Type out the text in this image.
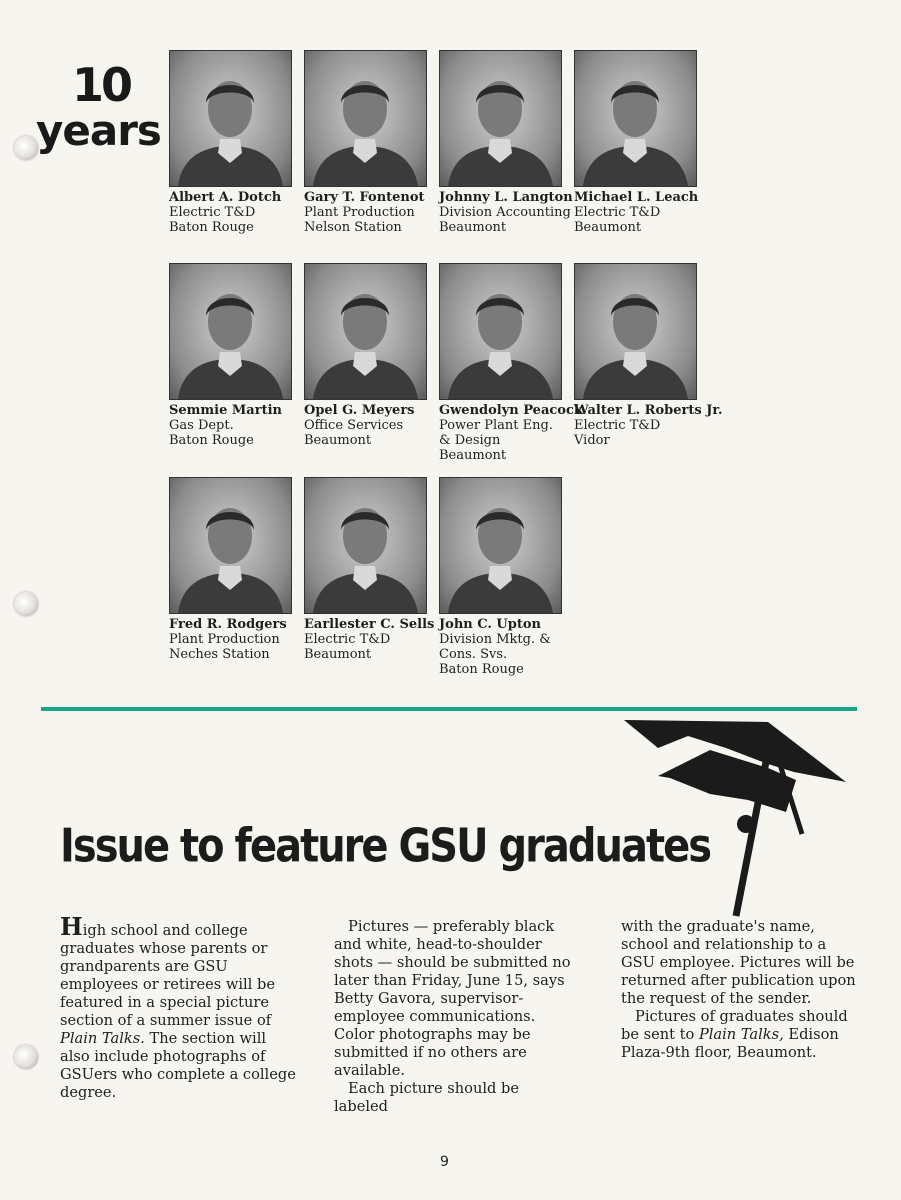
10
years
Albert A. Dotch
Electric T&D
Baton Rouge
Gary T. Fontenot
Plant Production
Nelson Station
Johnny L. Langton
Division Accounting
Beaumont
Michael L. Leach
Electric T&D
Beaumont
Semmie Martin
Gas Dept.
Baton Rouge
Opel G. Meyers
Office Services
Beaumont
Gwendolyn Peacock
Power Plant Eng.
& Design
Beaumont
Walter L. Roberts Jr.
Electric T&D
Vidor
Fred R. Rodgers
Plant Production
Neches Station
Earllester C. Sells
Electric T&D
Beaumont
John C. Upton
Division Mktg. &
Cons. Svs.
Baton Rouge
Issue to feature GSU graduates

High school and college graduates whose parents or grandparents are GSU employees or retirees will be featured in a special picture section of a summer issue of Plain Talks. The section will also include photographs of GSUers who complete a college degree.

Pictures — preferably black and white, head-to-shoulder shots — should be submitted no later than Friday, June 15, says Betty Gavora, supervisor-employee communications. Color photographs may be submitted if no others are available.

Each picture should be labeled

with the graduate's name, school and relationship to a GSU employee. Pictures will be returned after publication upon the request of the sender.

Pictures of graduates should be sent to Plain Talks, Edison Plaza-9th floor, Beaumont.

9
